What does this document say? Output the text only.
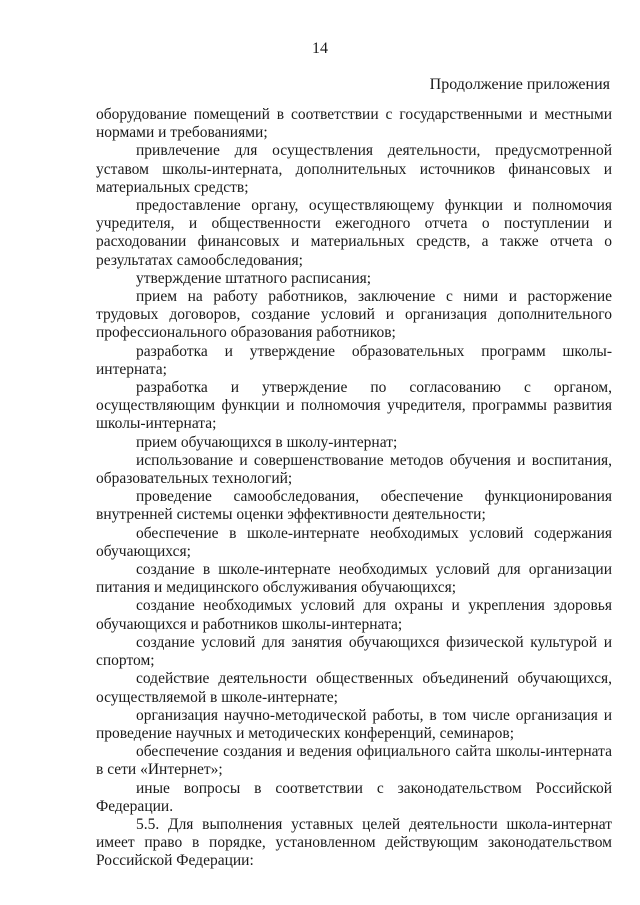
14
Продолжение приложения

оборудование помещений в соответствии с государственными и местными нормами и требованиями;

привлечение для осуществления деятельности, предусмотренной уставом школы-интерната, дополнительных источников финансовых и материальных средств;

предоставление органу, осуществляющему функции и полномочия учредителя, и общественности ежегодного отчета о поступлении и расходовании финансовых и материальных средств, а также отчета о результатах самообследования;

утверждение штатного расписания;

прием на работу работников, заключение с ними и расторжение трудовых договоров, создание условий и организация дополнительного профессионального образования работников;

разработка и утверждение образовательных программ школы-интерната;

разработка и утверждение по согласованию с органом, осуществляющим функции и полномочия учредителя, программы развития школы-интерната;

прием обучающихся в школу-интернат;

использование и совершенствование методов обучения и воспитания, образовательных технологий;

проведение самообследования, обеспечение функционирования внутренней системы оценки эффективности деятельности;

обеспечение в школе-интернате необходимых условий содержания обучающихся;

создание в школе-интернате необходимых условий для организации питания и медицинского обслуживания обучающихся;

создание необходимых условий для охраны и укрепления здоровья обучающихся и работников школы-интерната;

создание условий для занятия обучающихся физической культурой и спортом;

содействие деятельности общественных объединений обучающихся, осуществляемой в школе-интернате;

организация научно-методической работы, в том числе организация и проведение научных и методических конференций, семинаров;

обеспечение создания и ведения официального сайта школы-интерната в сети «Интернет»;

иные вопросы в соответствии с законодательством Российской Федерации.

5.5. Для выполнения уставных целей деятельности школа-интернат имеет право в порядке, установленном действующим законодательством Российской Федерации:
